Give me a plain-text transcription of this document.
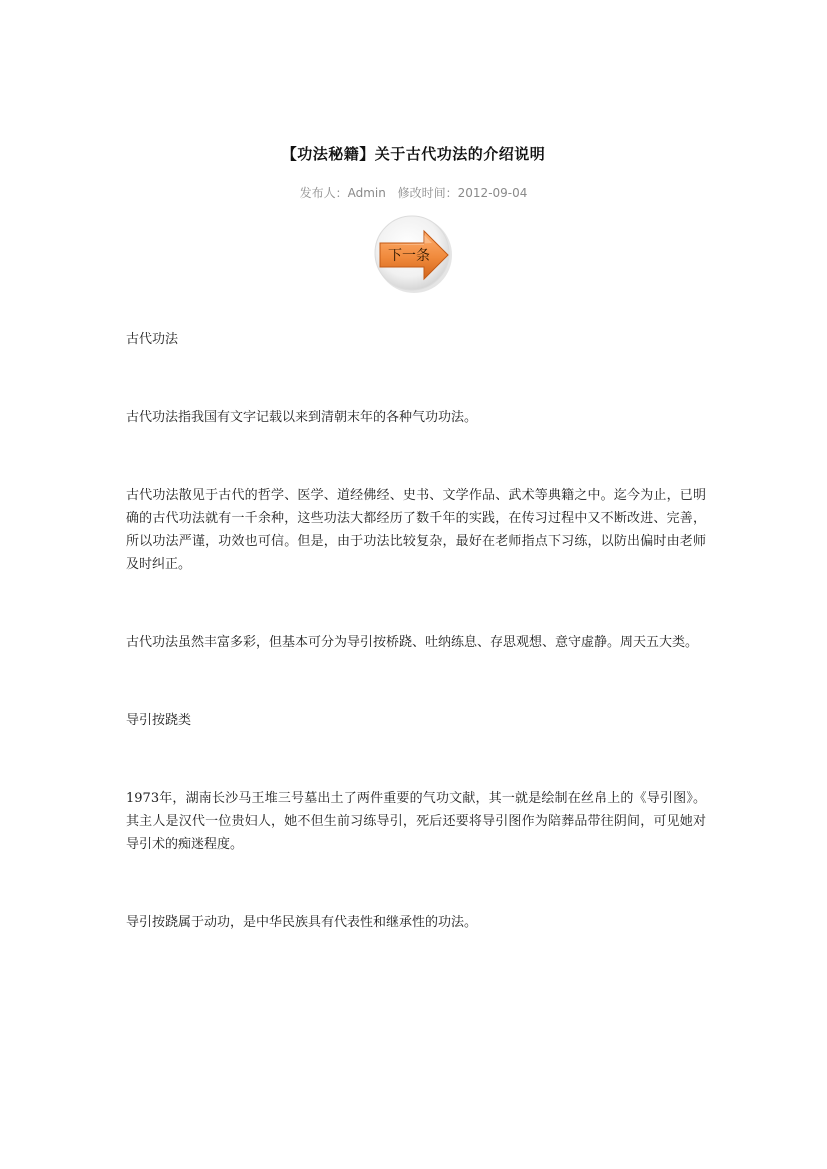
【功法秘籍】关于古代功法的介绍说明
发布人：Admin 修改时间：2012-09-04
下一条

古代功法

古代功法指我国有文字记载以来到清朝末年的各种气功功法。

古代功法散见于古代的哲学、医学、道经佛经、史书、文学作品、武术等典籍之中。迄今为止，已明确的古代功法就有一千余种，这些功法大都经历了数千年的实践，在传习过程中又不断改进、完善，所以功法严谨，功效也可信。但是，由于功法比较复杂，最好在老师指点下习练，以防出偏时由老师及时纠正。

古代功法虽然丰富多彩，但基本可分为导引按桥跷、吐纳练息、存思观想、意守虚静。周天五大类。

导引按跷类

1973年，湖南长沙马王堆三号墓出土了两件重要的气功文献，其一就是绘制在丝帛上的《导引图》。其主人是汉代一位贵妇人，她不但生前习练导引，死后还要将导引图作为陪葬品带往阴间，可见她对导引术的痴迷程度。

导引按跷属于动功，是中华民族具有代表性和继承性的功法。
